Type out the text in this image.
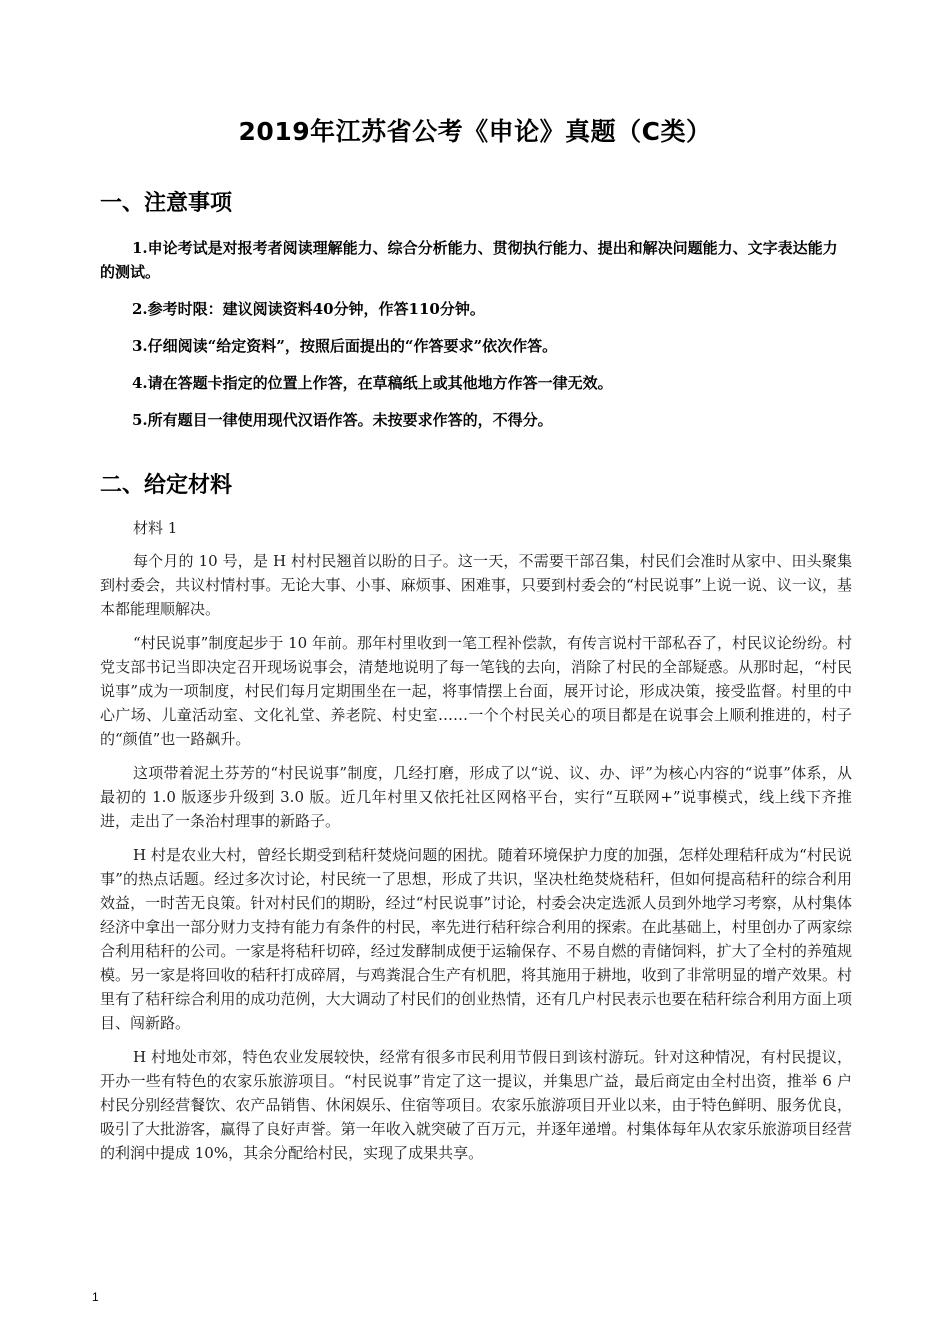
2019年江苏省公考《申论》真题（C类）
一、注意事项

1.申论考试是对报考者阅读理解能力、综合分析能力、贯彻执行能力、提出和解决问题能力、文字表达能力的测试。

2.参考时限：建议阅读资料40分钟，作答110分钟。

3.仔细阅读“给定资料”，按照后面提出的“作答要求”依次作答。

4.请在答题卡指定的位置上作答，在草稿纸上或其他地方作答一律无效。

5.所有题目一律使用现代汉语作答。未按要求作答的，不得分。

二、给定材料

材料 1

每个月的 10 号，是 H 村村民翘首以盼的日子。这一天，不需要干部召集，村民们会准时从家中、田头聚集到村委会，共议村情村事。无论大事、小事、麻烦事、困难事，只要到村委会的“村民说事”上说一说、议一议，基本都能理顺解决。

“村民说事”制度起步于 10 年前。那年村里收到一笔工程补偿款，有传言说村干部私吞了，村民议论纷纷。村党支部书记当即决定召开现场说事会，清楚地说明了每一笔钱的去向，消除了村民的全部疑惑。从那时起，“村民说事”成为一项制度，村民们每月定期围坐在一起，将事情摆上台面，展开讨论，形成决策，接受监督。村里的中心广场、儿童活动室、文化礼堂、养老院、村史室……一个个村民关心的项目都是在说事会上顺利推进的，村子的“颜值”也一路飙升。

这项带着泥土芬芳的“村民说事”制度，几经打磨，形成了以“说、议、办、评”为核心内容的“说事”体系，从最初的 1.0 版逐步升级到 3.0 版。近几年村里又依托社区网格平台，实行“互联网+”说事模式，线上线下齐推进，走出了一条治村理事的新路子。

H 村是农业大村，曾经长期受到秸秆焚烧问题的困扰。随着环境保护力度的加强，怎样处理秸秆成为“村民说事”的热点话题。经过多次讨论，村民统一了思想，形成了共识，坚决杜绝焚烧秸秆，但如何提高秸秆的综合利用效益，一时苦无良策。针对村民们的期盼，经过“村民说事”讨论，村委会决定选派人员到外地学习考察，从村集体经济中拿出一部分财力支持有能力有条件的村民，率先进行秸秆综合利用的探索。在此基础上，村里创办了两家综合利用秸秆的公司。一家是将秸秆切碎，经过发酵制成便于运输保存、不易自燃的青储饲料，扩大了全村的养殖规模。另一家是将回收的秸秆打成碎屑，与鸡粪混合生产有机肥，将其施用于耕地，收到了非常明显的增产效果。村里有了秸秆综合利用的成功范例，大大调动了村民们的创业热情，还有几户村民表示也要在秸秆综合利用方面上项目、闯新路。

H 村地处市郊，特色农业发展较快，经常有很多市民利用节假日到该村游玩。针对这种情况，有村民提议，开办一些有特色的农家乐旅游项目。“村民说事”肯定了这一提议，并集思广益，最后商定由全村出资，推举 6 户村民分别经营餐饮、农产品销售、休闲娱乐、住宿等项目。农家乐旅游项目开业以来，由于特色鲜明、服务优良，吸引了大批游客，赢得了良好声誉。第一年收入就突破了百万元，并逐年递增。村集体每年从农家乐旅游项目经营的利润中提成 10%，其余分配给村民，实现了成果共享。

1
